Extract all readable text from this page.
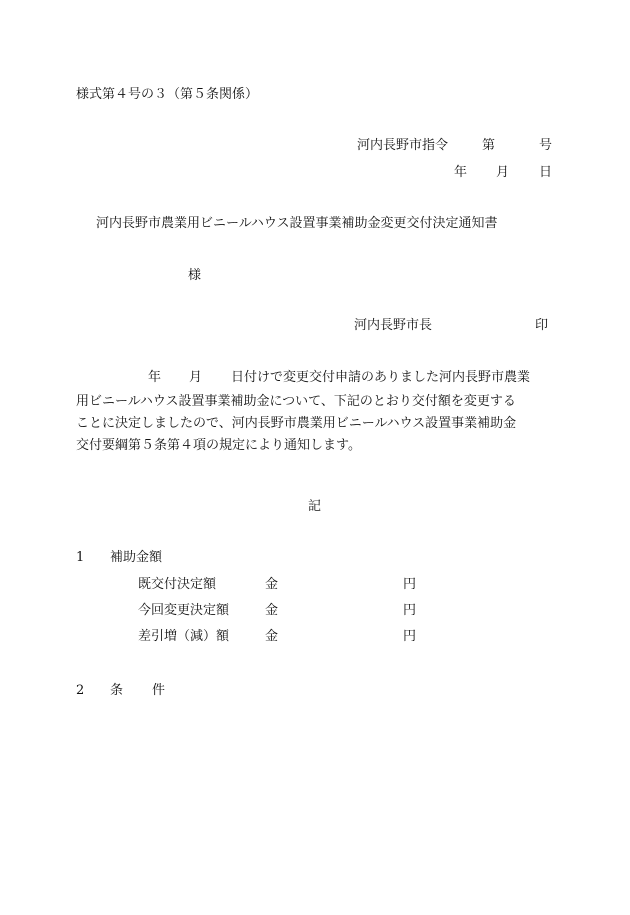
様式第４号の３（第５条関係）
河内長野市指令	第	号
年 月 日
河内長野市農業用ビニールハウス設置事業補助金変更交付決定通知書
様
河内長野市長	印
年 月 日付けで変更交付申請のありました河内長野市農業
用ビニールハウス設置事業補助金について、下記のとおり交付額を変更する
ことに決定しましたので、河内長野市農業用ビニールハウス設置事業補助金
交付要綱第５条第４項の規定により通知します。
記
1 補助金額
既交付決定額	金	円
今回変更決定額	金	円
差引増（減）額	金	円
2 条 件
